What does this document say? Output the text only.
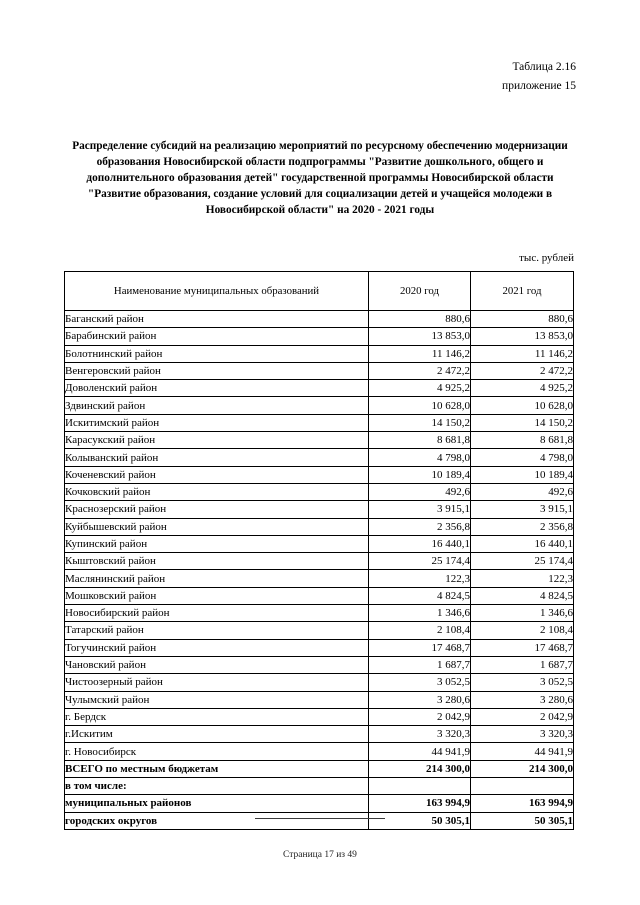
Таблица 2.16
приложение 15
Распределение субсидий на реализацию мероприятий по ресурсному обеспечению модернизации образования Новосибирской области подпрограммы "Развитие дошкольного, общего и дополнительного образования детей" государственной программы Новосибирской области "Развитие образования, создание условий для социализации детей и учащейся молодежи в Новосибирской области" на 2020 - 2021 годы
тыс. рублей
Наименование муниципальных образований	2020 год	2021 год
Баганский район	880,6	880,6
Барабинский район	13 853,0	13 853,0
Болотнинский район	11 146,2	11 146,2
Венгеровский район	2 472,2	2 472,2
Доволенский район	4 925,2	4 925,2
Здвинский район	10 628,0	10 628,0
Искитимский район	14 150,2	14 150,2
Карасукский район	8 681,8	8 681,8
Колыванский район	4 798,0	4 798,0
Коченевский район	10 189,4	10 189,4
Кочковский район	492,6	492,6
Краснозерский район	3 915,1	3 915,1
Куйбышевский район	2 356,8	2 356,8
Купинский район	16 440,1	16 440,1
Кыштовский район	25 174,4	25 174,4
Маслянинский район	122,3	122,3
Мошковский район	4 824,5	4 824,5
Новосибирский район	1 346,6	1 346,6
Татарский район	2 108,4	2 108,4
Тогучинский район	17 468,7	17 468,7
Чановский район	1 687,7	1 687,7
Чистоозерный район	3 052,5	3 052,5
Чулымский район	3 280,6	3 280,6
г. Бердск	2 042,9	2 042,9
г.Искитим	3 320,3	3 320,3
г. Новосибирск	44 941,9	44 941,9
ВСЕГО по местным бюджетам	214 300,0	214 300,0
в том числе:		
муниципальных районов	163 994,9	163 994,9
городских округов	50 305,1	50 305,1
Страница 17 из 49
